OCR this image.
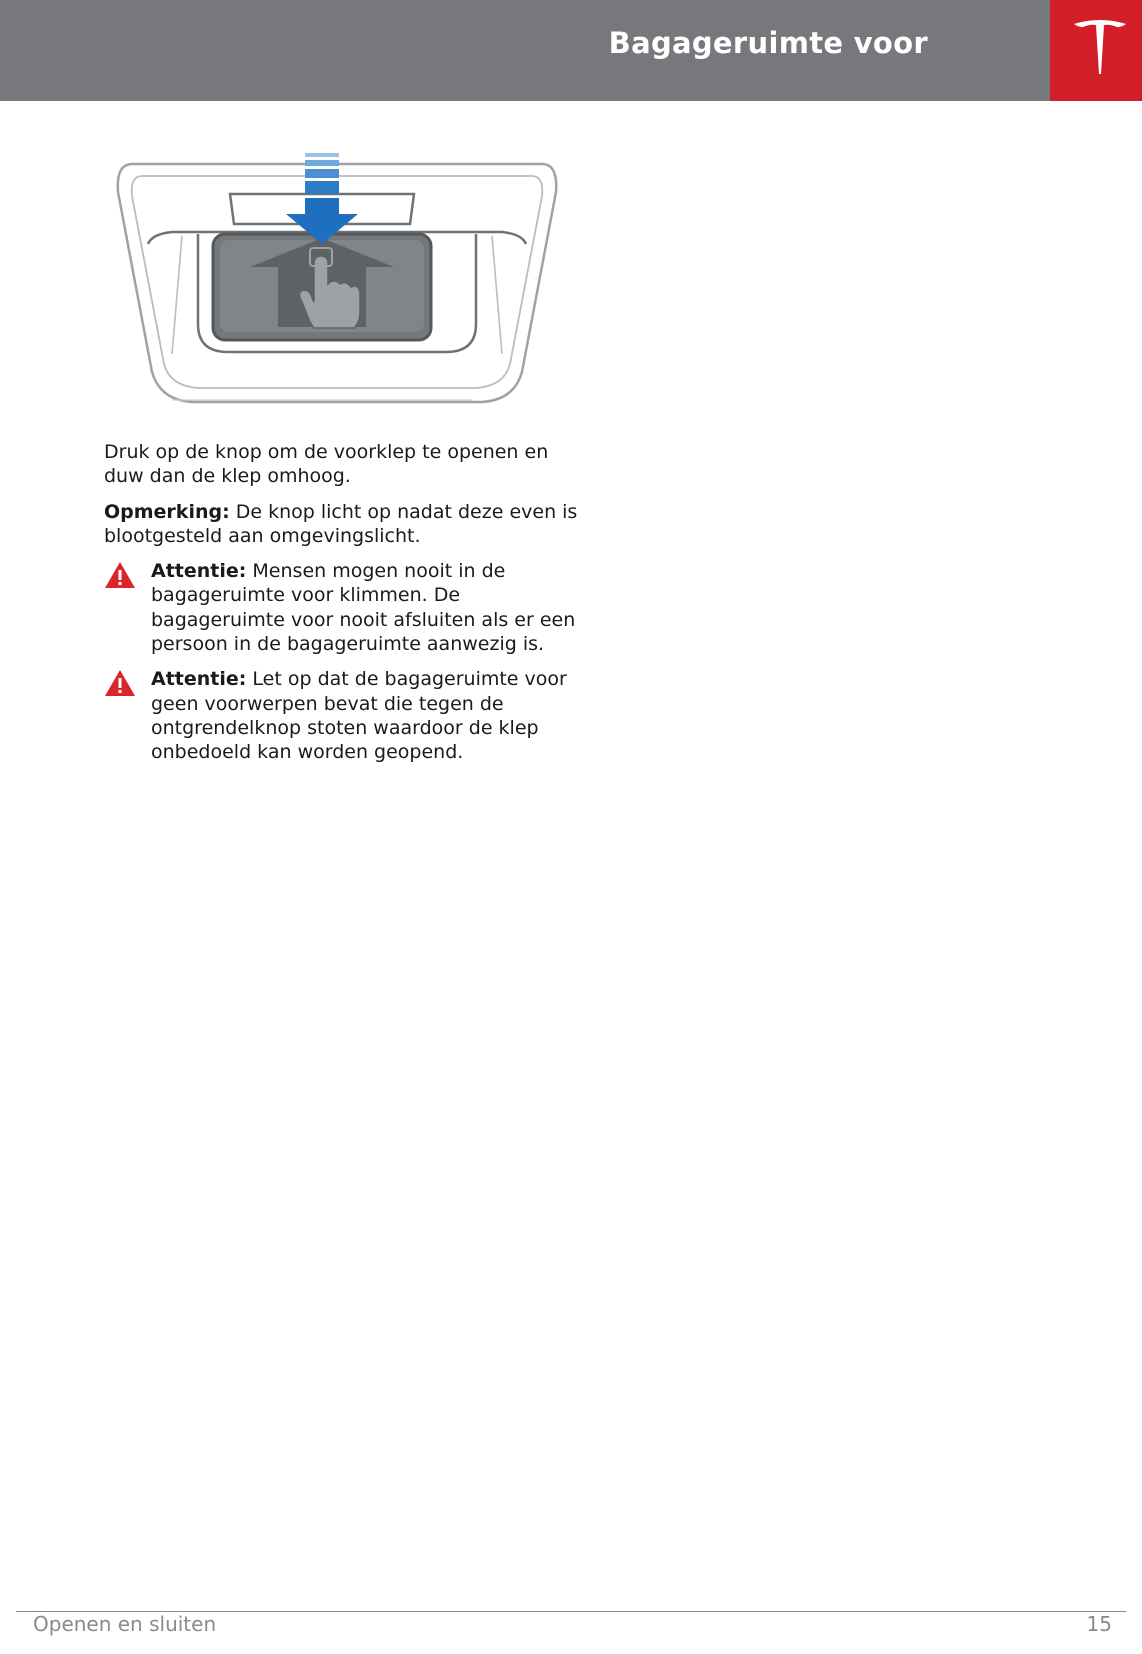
Bagageruimte voor

Druk op de knop om de voorklep te openen en duw dan de klep omhoog.

Opmerking: De knop licht op nadat deze even is blootgesteld aan omgevingslicht.

Attentie: Mensen mogen nooit in de bagageruimte voor klimmen. De bagageruimte voor nooit afsluiten als er een persoon in de bagageruimte aanwezig is.
Attentie: Let op dat de bagageruimte voor geen voorwerpen bevat die tegen de ontgrendelknop stoten waardoor de klep onbedoeld kan worden geopend.
Openen en sluiten	15
